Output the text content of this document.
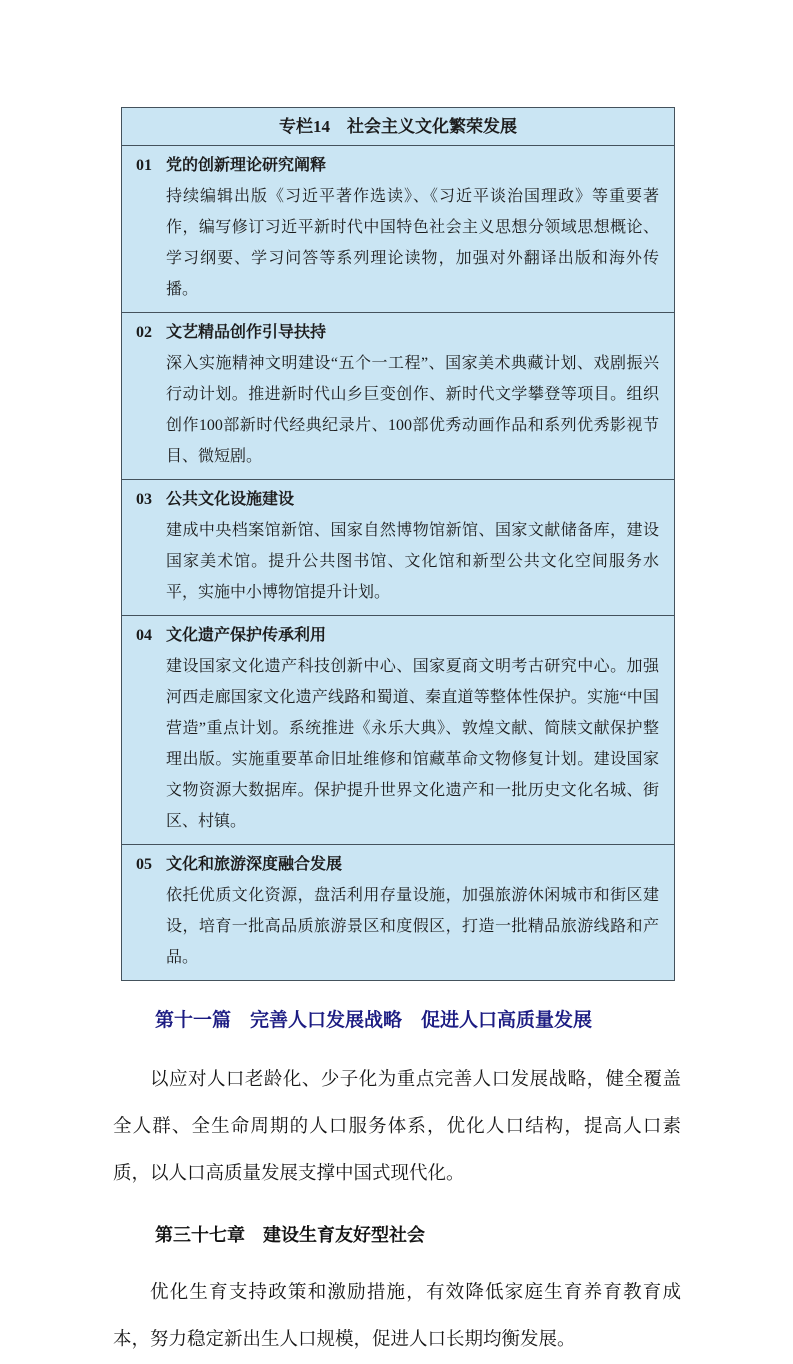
专栏14　社会主义文化繁荣发展
01 党的创新理论研究阐释
持续编辑出版《习近平著作选读》、《习近平谈治国理政》等重要著作，编写修订习近平新时代中国特色社会主义思想分领域思想概论、学习纲要、学习问答等系列理论读物，加强对外翻译出版和海外传播。
02 文艺精品创作引导扶持
深入实施精神文明建设“五个一工程”、国家美术典藏计划、戏剧振兴行动计划。推进新时代山乡巨变创作、新时代文学攀登等项目。组织创作100部新时代经典纪录片、100部优秀动画作品和系列优秀影视节目、微短剧。
03 公共文化设施建设
建成中央档案馆新馆、国家自然博物馆新馆、国家文献储备库，建设国家美术馆。提升公共图书馆、文化馆和新型公共文化空间服务水平，实施中小博物馆提升计划。
04 文化遗产保护传承利用
建设国家文化遗产科技创新中心、国家夏商文明考古研究中心。加强河西走廊国家文化遗产线路和蜀道、秦直道等整体性保护。实施“中国营造”重点计划。系统推进《永乐大典》、敦煌文献、简牍文献保护整理出版。实施重要革命旧址维修和馆藏革命文物修复计划。建设国家文物资源大数据库。保护提升世界文化遗产和一批历史文化名城、街区、村镇。
05 文化和旅游深度融合发展
依托优质文化资源，盘活利用存量设施，加强旅游休闲城市和街区建设，培育一批高品质旅游景区和度假区，打造一批精品旅游线路和产品。
第十一篇　完善人口发展战略　促进人口高质量发展
以应对人口老龄化、少子化为重点完善人口发展战略，健全覆盖全人群、全生命周期的人口服务体系，优化人口结构，提高人口素质，以人口高质量发展支撑中国式现代化。
第三十七章　建设生育友好型社会
优化生育支持政策和激励措施，有效降低家庭生育养育教育成本，努力稳定新出生人口规模，促进人口长期均衡发展。
